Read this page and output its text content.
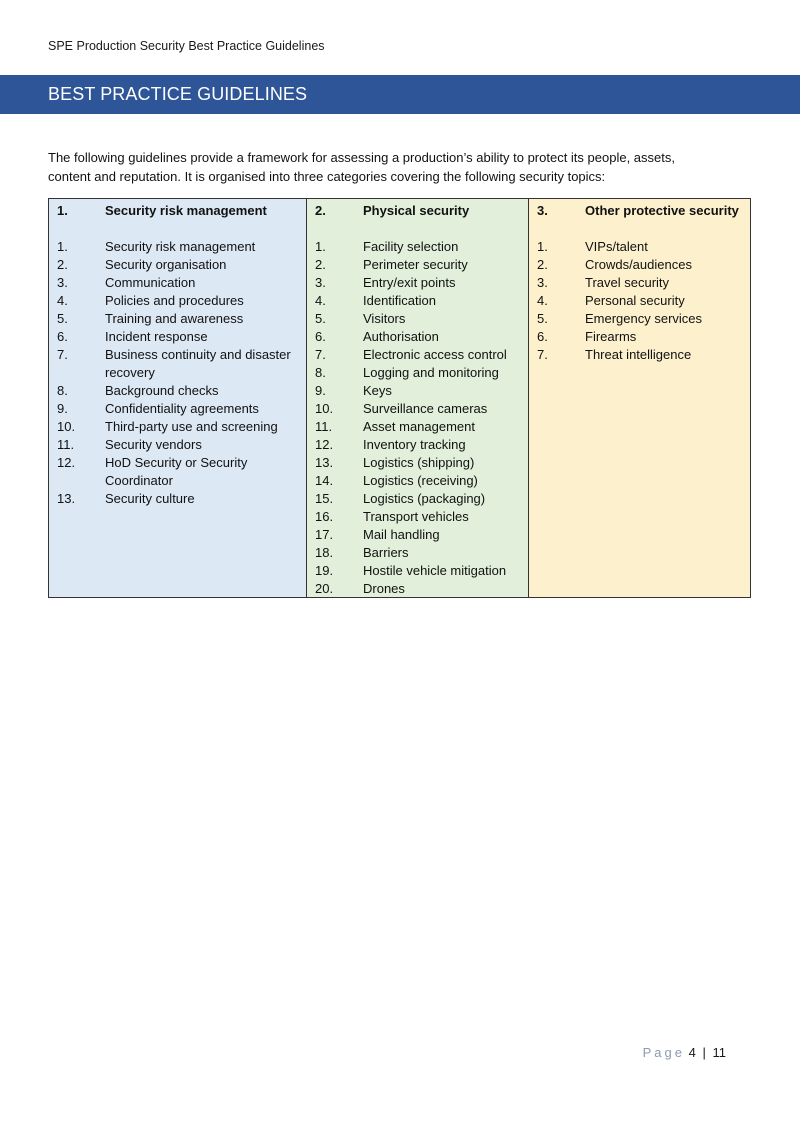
SPE Production Security Best Practice Guidelines
BEST PRACTICE GUIDELINES

The following guidelines provide a framework for assessing a production’s ability to protect its people, assets,

content and reputation. It is organised into three categories covering the following security topics:

1.	Security risk management
1.	Security risk management
2.	Security organisation
3.	Communication
4.	Policies and procedures
5.	Training and awareness
6.	Incident response
7.	Business continuity and disaster recovery
8.	Background checks
9.	Confidentiality agreements
10.	Third-party use and screening
11.	Security vendors
12.	HoD Security or Security Coordinator
13.	Security culture
2.	Physical security
1.	Facility selection
2.	Perimeter security
3.	Entry/exit points
4.	Identification
5.	Visitors
6.	Authorisation
7.	Electronic access control
8.	Logging and monitoring
9.	Keys
10.	Surveillance cameras
11.	Asset management
12.	Inventory tracking
13.	Logistics (shipping)
14.	Logistics (receiving)
15.	Logistics (packaging)
16.	Transport vehicles
17.	Mail handling
18.	Barriers
19.	Hostile vehicle mitigation
20.	Drones
3.	Other protective security
1.	VIPs/talent
2.	Crowds/audiences
3.	Travel security
4.	Personal security
5.	Emergency services
6.	Firearms
7.	Threat intelligence
Page 4 | 11
